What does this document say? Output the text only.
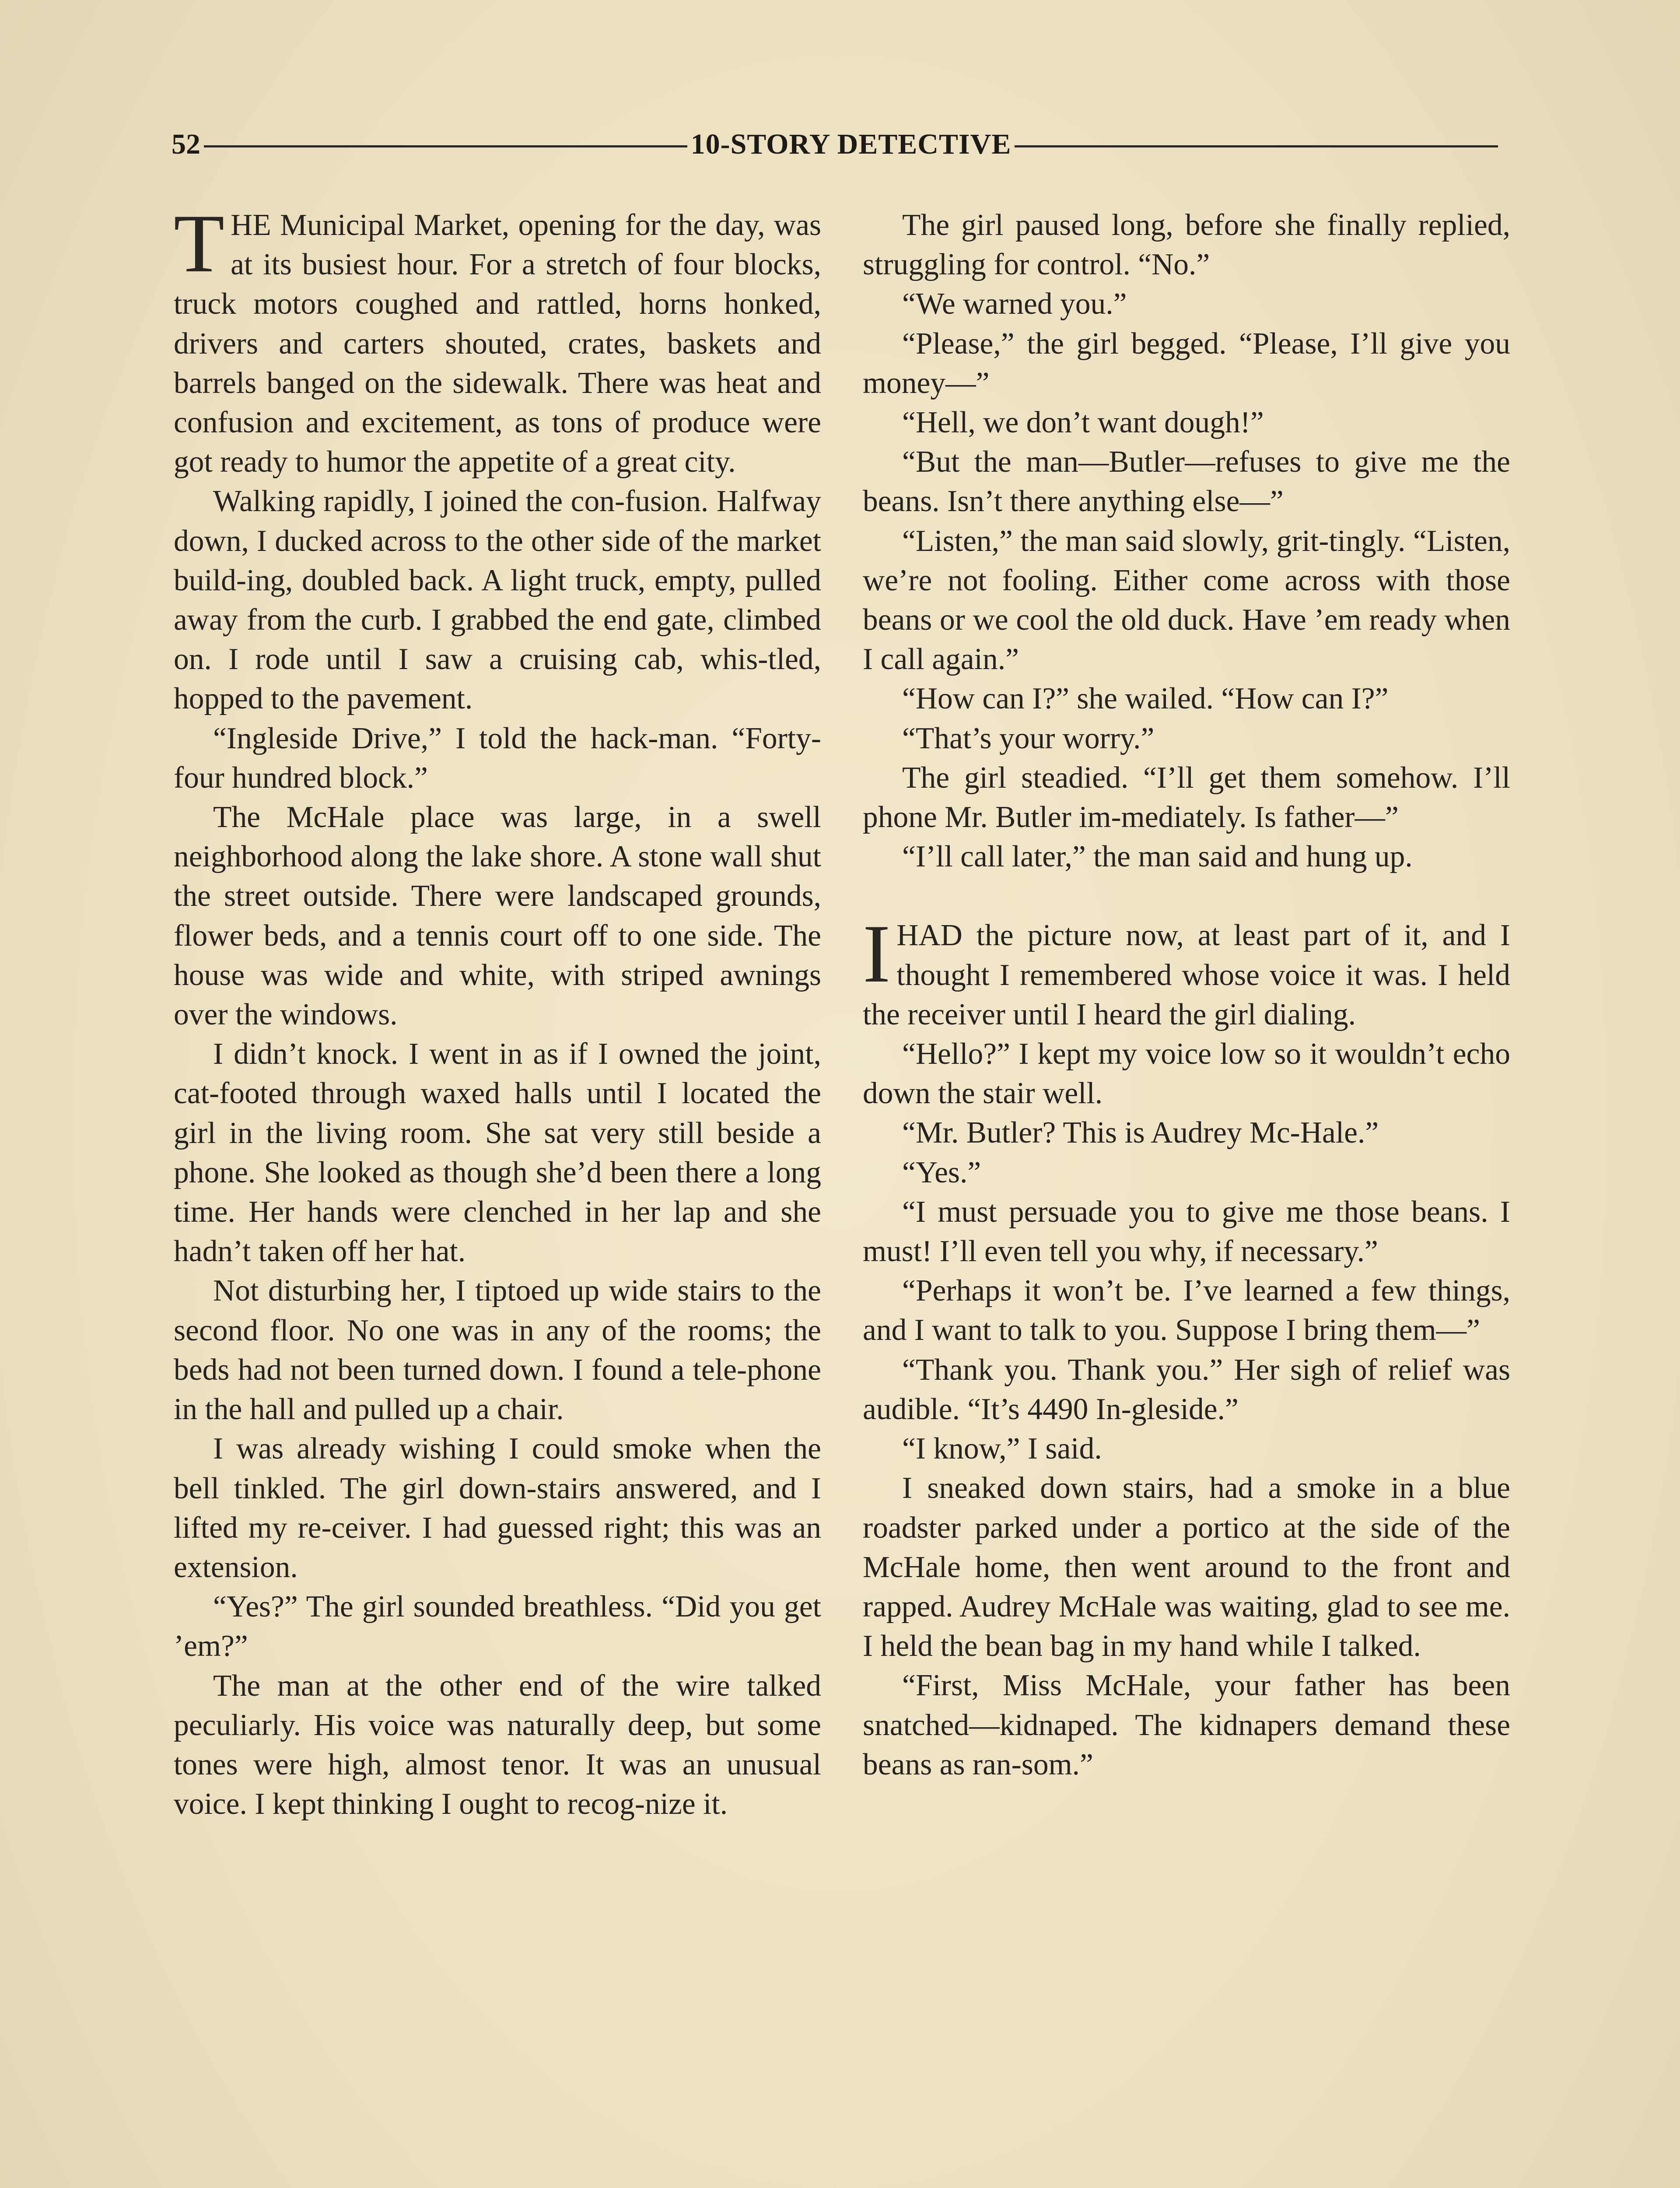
52	10-STORY DETECTIVE

THE Municipal Market, opening for the day, was at its busiest hour. For a stretch of four blocks, truck motors coughed and rattled, horns honked, drivers and carters shouted, crates, baskets and barrels banged on the sidewalk. There was heat and confusion and excitement, as tons of produce were got ready to humor the appetite of a great city.

Walking rapidly, I joined the con-fusion. Halfway down, I ducked across to the other side of the market build-ing, doubled back. A light truck, empty, pulled away from the curb. I grabbed the end gate, climbed on. I rode until I saw a cruising cab, whis-tled, hopped to the pavement.

“Ingleside Drive,” I told the hack-man. “Forty-four hundred block.”

The McHale place was large, in a swell neighborhood along the lake shore. A stone wall shut the street outside. There were landscaped grounds, flower beds, and a tennis court off to one side. The house was wide and white, with striped awnings over the windows.

I didn’t knock. I went in as if I owned the joint, cat-footed through waxed halls until I located the girl in the living room. She sat very still beside a phone. She looked as though she’d been there a long time. Her hands were clenched in her lap and she hadn’t taken off her hat.

Not disturbing her, I tiptoed up wide stairs to the second floor. No one was in any of the rooms; the beds had not been turned down. I found a tele-phone in the hall and pulled up a chair.

I was already wishing I could smoke when the bell tinkled. The girl down-stairs answered, and I lifted my re-ceiver. I had guessed right; this was an extension.

“Yes?” The girl sounded breathless. “Did you get ’em?”

The man at the other end of the wire talked peculiarly. His voice was naturally deep, but some tones were high, almost tenor. It was an unusual voice. I kept thinking I ought to recog-nize it.

The girl paused long, before she finally replied, struggling for control. “No.”

“We warned you.”

“Please,” the girl begged. “Please, I’ll give you money—”

“Hell, we don’t want dough!”

“But the man—Butler—refuses to give me the beans. Isn’t there anything else—”

“Listen,” the man said slowly, grit-tingly. “Listen, we’re not fooling. Either come across with those beans or we cool the old duck. Have ’em ready when I call again.”

“How can I?” she wailed. “How can I?”

“That’s your worry.”

The girl steadied. “I’ll get them somehow. I’ll phone Mr. Butler im-mediately. Is father—”

“I’ll call later,” the man said and hung up.

IHAD the picture now, at least part of it, and I thought I remembered whose voice it was. I held the receiver until I heard the girl dialing.

“Hello?” I kept my voice low so it wouldn’t echo down the stair well.

“Mr. Butler? This is Audrey Mc-Hale.”

“Yes.”

“I must persuade you to give me those beans. I must! I’ll even tell you why, if necessary.”

“Perhaps it won’t be. I’ve learned a few things, and I want to talk to you. Suppose I bring them—”

“Thank you. Thank you.” Her sigh of relief was audible. “It’s 4490 In-gleside.”

“I know,” I said.

I sneaked down stairs, had a smoke in a blue roadster parked under a portico at the side of the McHale home, then went around to the front and rapped. Audrey McHale was waiting, glad to see me. I held the bean bag in my hand while I talked.

“First, Miss McHale, your father has been snatched—kidnaped. The kidnapers demand these beans as ran-som.”
